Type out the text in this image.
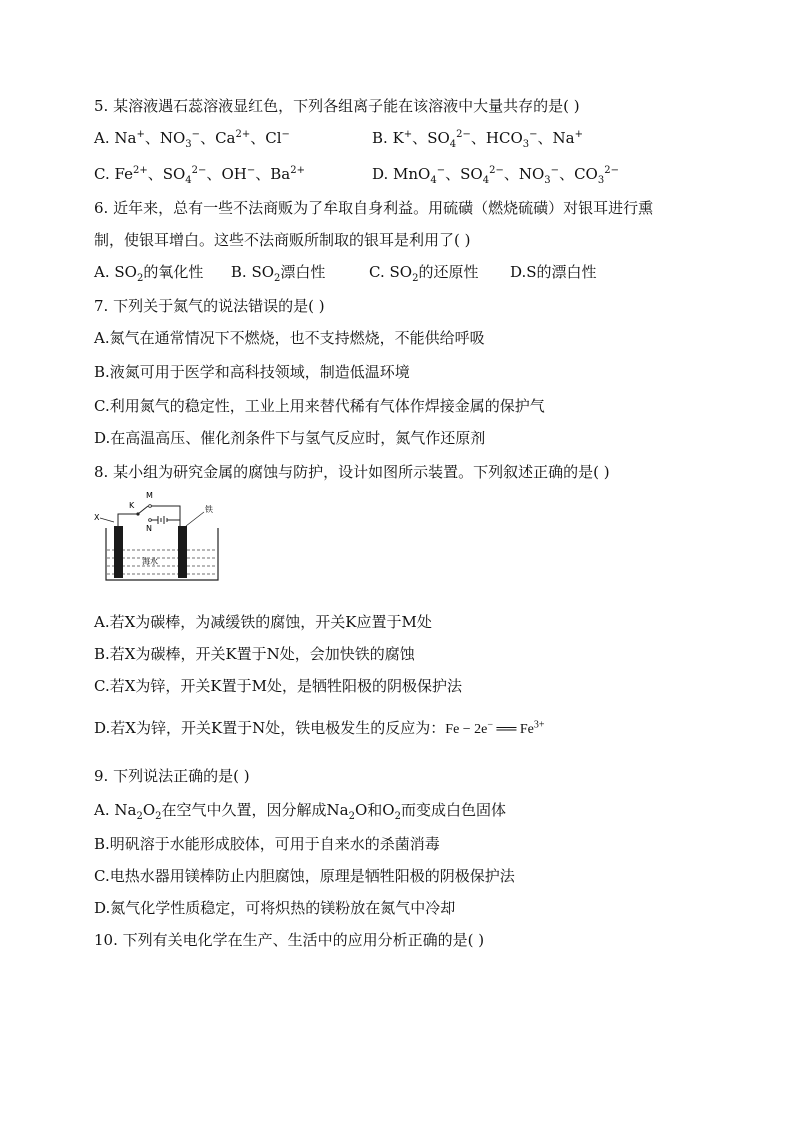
5. 某溶液遇石蕊溶液显红色，下列各组离子能在该溶液中大量共存的是( )
A. Na+、$NO_3^-$、$Ca^{2+}$、Cl−	B. K+、$SO_4^{2-}$、$HCO_3^-$、Na+
C. $Fe^{2+}$、$SO_4^{2-}$、OH−、$Ba^{2+}$	D. MnO$_4$−、$SO_4^{2-}$、$NO_3^-$、$CO_3^{2-}$
6. 近年来，总有一些不法商贩为了牟取自身利益。用硫磺（燃烧硫磺）对银耳进行熏
制，使银耳增白。这些不法商贩所制取的银耳是利用了( )
A. $SO_2$的氧化性 B. $SO_2$漂白性	C. $SO_2$的还原性 D.S的漂白性
7. 下列关于氮气的说法错误的是( )
A.氮气在通常情况下不燃烧，也不支持燃烧，不能供给呼吸
B.液氮可用于医学和高科技领域，制造低温环境
C.利用氮气的稳定性，工业上用来替代稀有气体作焊接金属的保护气
D.在高温高压、催化剂条件下与氢气反应时，氮气作还原剂
8. 某小组为研究金属的腐蚀与防护，设计如图所示装置。下列叙述正确的是( )
X
K
M
N
铁
海水
A.若X为碳棒，为减缓铁的腐蚀，开关K应置于M处
B.若X为碳棒，开关K置于N处，会加快铁的腐蚀
C.若X为锌，开关K置于M处，是牺牲阳极的阴极保护法
D.若X为锌，开关K置于N处，铁电极发生的反应为：Fe − 2e− ══ $Fe^{3+}$
9. 下列说法正确的是( )
A. $Na_2O_2$在空气中久置，因分解成$Na_2O$和$O_2$而变成白色固体
B.明矾溶于水能形成胶体，可用于自来水的杀菌消毒
C.电热水器用镁棒防止内胆腐蚀，原理是牺牲阳极的阴极保护法
D.氮气化学性质稳定，可将炽热的镁粉放在氮气中冷却
10. 下列有关电化学在生产、生活中的应用分析正确的是( )
